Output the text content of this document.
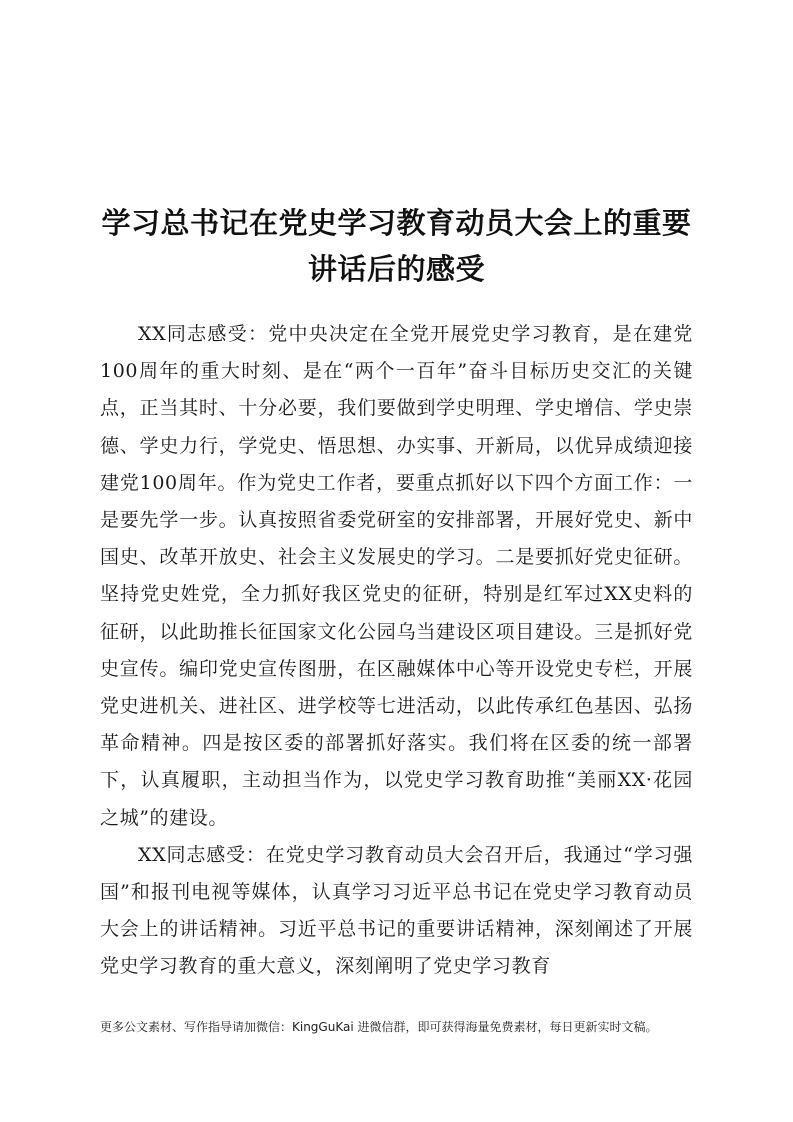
学习总书记在党史学习教育动员大会上的重要
讲话后的感受

XX同志感受：党中央决定在全党开展党史学习教育，是在建党100周年的重大时刻、是在“两个一百年”奋斗目标历史交汇的关键点，正当其时、十分必要，我们要做到学史明理、学史增信、学史崇德、学史力行，学党史、悟思想、办实事、开新局，以优异成绩迎接建党100周年。作为党史工作者，要重点抓好以下四个方面工作：一是要先学一步。认真按照省委党研室的安排部署，开展好党史、新中国史、改革开放史、社会主义发展史的学习。二是要抓好党史征研。坚持党史姓党，全力抓好我区党史的征研，特别是红军过XX史料的征研，以此助推长征国家文化公园乌当建设区项目建设。三是抓好党史宣传。编印党史宣传图册，在区融媒体中心等开设党史专栏，开展党史进机关、进社区、进学校等七进活动，以此传承红色基因、弘扬革命精神。四是按区委的部署抓好落实。我们将在区委的统一部署下，认真履职，主动担当作为，以党史学习教育助推“美丽XX·花园之城”的建设。

XX同志感受：在党史学习教育动员大会召开后，我通过“学习强国”和报刊电视等媒体，认真学习习近平总书记在党史学习教育动员大会上的讲话精神。习近平总书记的重要讲话精神，深刻阐述了开展党史学习教育的重大意义，深刻阐明了党史学习教育

更多公文素材、写作指导请加微信：KingGuKai 进微信群，即可获得海量免费素材，每日更新实时文稿。
